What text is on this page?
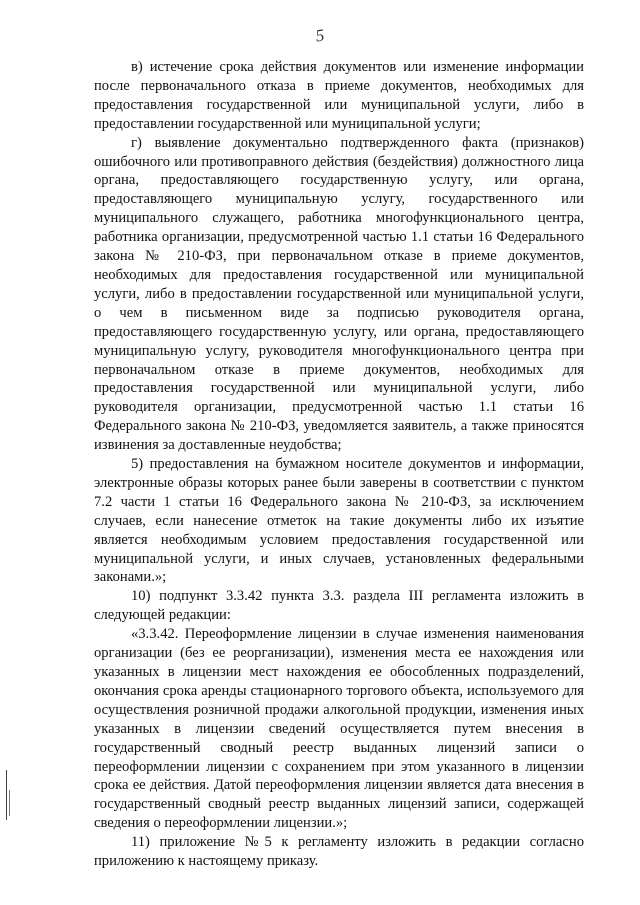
5

в) истечение срока действия документов или изменение информации после первоначального отказа в приеме документов, необходимых для предоставления государственной или муниципальной услуги, либо в предоставлении государственной или муниципальной услуги;

г) выявление документально подтвержденного факта (признаков) ошибочного или противоправного действия (бездействия) должностного лица органа, предоставляющего государственную услугу, или органа, предоставляющего муниципальную услугу, государственного или муниципального служащего, работника многофункционального центра, работника организации, предусмотренной частью 1.1 статьи 16 Федерального закона № 210-ФЗ, при первоначальном отказе в приеме документов, необходимых для предоставления государственной или муниципальной услуги, либо в предоставлении государственной или муниципальной услуги, о чем в письменном виде за подписью руководителя органа, предоставляющего государственную услугу, или органа, предоставляющего муниципальную услугу, руководителя многофункционального центра при первоначальном отказе в приеме документов, необходимых для предоставления государственной или муниципальной услуги, либо руководителя организации, предусмотренной частью 1.1 статьи 16 Федерального закона № 210-ФЗ, уведомляется заявитель, а также приносятся извинения за доставленные неудобства;

5) предоставления на бумажном носителе документов и информации, электронные образы которых ранее были заверены в соответствии с пунктом 7.2 части 1 статьи 16 Федерального закона № 210-ФЗ, за исключением случаев, если нанесение отметок на такие документы либо их изъятие является необходимым условием предоставления государственной или муниципальной услуги, и иных случаев, установленных федеральными законами.»;

10) подпункт 3.3.42 пункта 3.3. раздела III регламента изложить в следующей редакции:

«3.3.42. Переоформление лицензии в случае изменения наименования организации (без ее реорганизации), изменения места ее нахождения или указанных в лицензии мест нахождения ее обособленных подразделений, окончания срока аренды стационарного торгового объекта, используемого для осуществления розничной продажи алкогольной продукции, изменения иных указанных в лицензии сведений осуществляется путем внесения в государственный сводный реестр выданных лицензий записи о переоформлении лицензии с сохранением при этом указанного в лицензии срока ее действия. Датой переоформления лицензии является дата внесения в государственный сводный реестр выданных лицензий записи, содержащей сведения о переоформлении лицензии.»;

11) приложение №5 к регламенту изложить в редакции согласно приложению к настоящему приказу.
